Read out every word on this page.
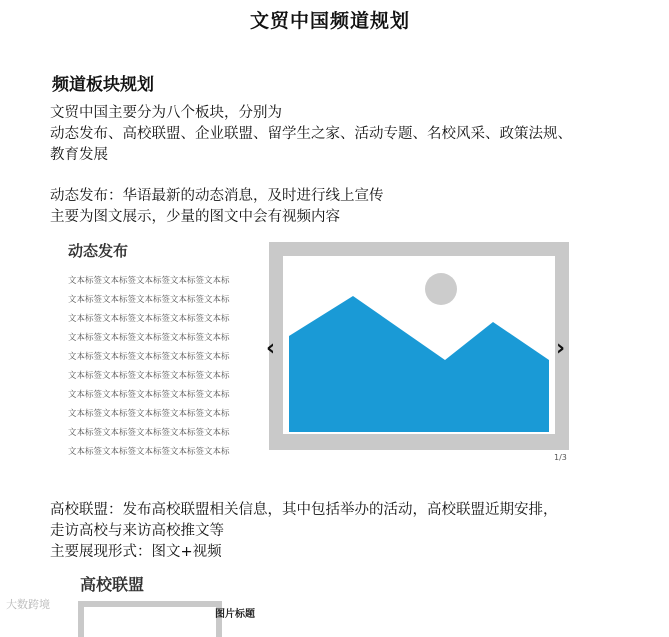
文贸中国频道规划
频道板块规划
文贸中国主要分为八个板块，分别为
动态发布、高校联盟、企业联盟、留学生之家、活动专题、名校风采、政策法规、
教育发展
动态发布：华语最新的动态消息，及时进行线上宣传
主要为图文展示，少量的图文中会有视频内容
动态发布
文本标签文本标签文本标签文本标签文本标
文本标签文本标签文本标签文本标签文本标
文本标签文本标签文本标签文本标签文本标
文本标签文本标签文本标签文本标签文本标
文本标签文本标签文本标签文本标签文本标
文本标签文本标签文本标签文本标签文本标
文本标签文本标签文本标签文本标签文本标
文本标签文本标签文本标签文本标签文本标
文本标签文本标签文本标签文本标签文本标
文本标签文本标签文本标签文本标签文本标
‹	›
1/3
高校联盟：发布高校联盟相关信息，其中包括举办的活动，高校联盟近期安排，
走访高校与来访高校推文等
主要展现形式：图文+视频
高校联盟
图片标题
大数跨境
